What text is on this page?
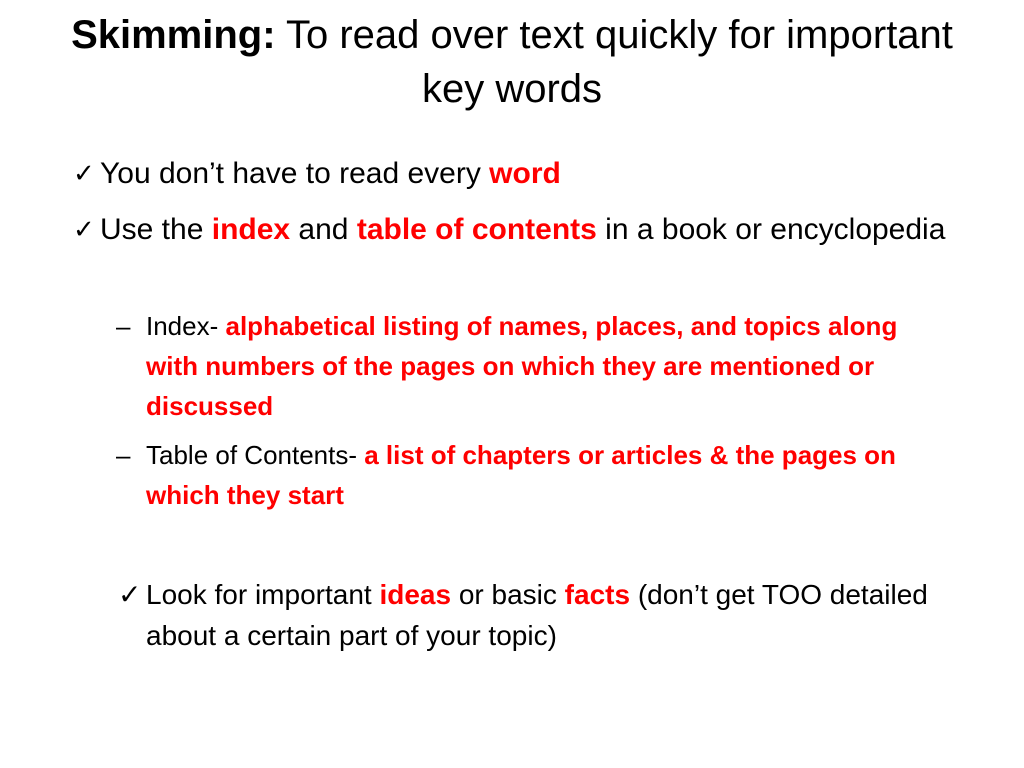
Skimming: To read over text quickly for important key words
✓ You don’t have to read every word
✓ Use the index and table of contents in a book or encyclopedia
– Index- alphabetical listing of names, places, and topics along with numbers of the pages on which they are mentioned or discussed
– Table of Contents- a list of chapters or articles & the pages on which they start
✓ Look for important ideas or basic facts (don’t get TOO detailed about a certain part of your topic)
